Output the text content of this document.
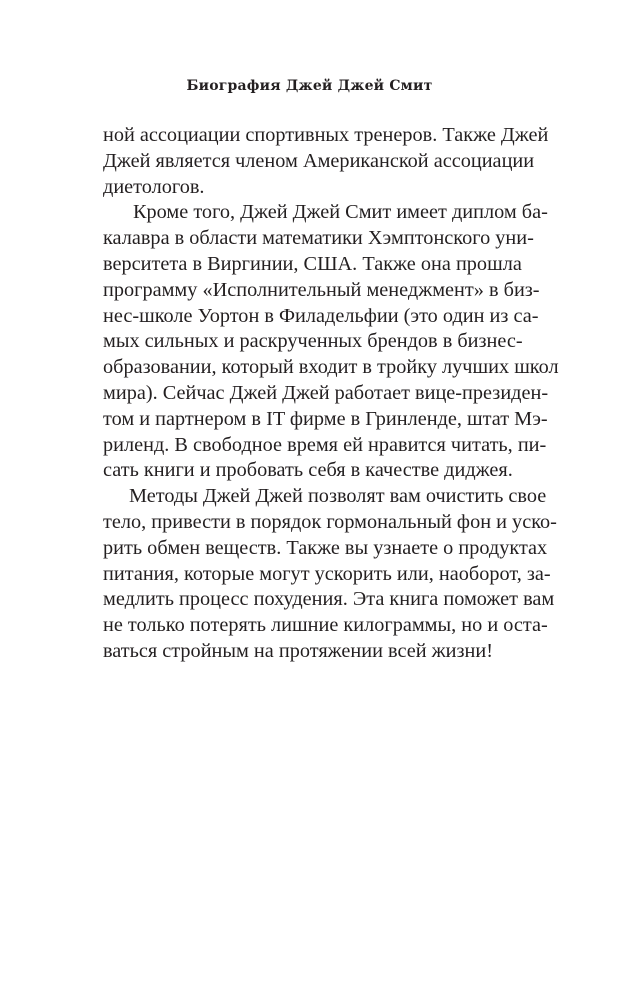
Биография Джей Джей Смит
ной ассоциации спортивных тренеров. Также Джей
Джей является членом Американской ассоциации
диетологов.
Кроме того, Джей Джей Смит имеет диплом ба-
калавра в области математики Хэмптонского уни-
верситета в Виргинии, США. Также она прошла
программу «Исполнительный менеджмент» в биз-
нес-школе Уортон в Филадельфии (это один из са-
мых сильных и раскрученных брендов в бизнес-
образовании, который входит в тройку лучших школ
мира). Сейчас Джей Джей работает вице-президен-
том и партнером в IT фирме в Гринленде, штат Мэ-
риленд. В свободное время ей нравится читать, пи-
сать книги и пробовать себя в качестве диджея.
Методы Джей Джей позволят вам очистить свое
тело, привести в порядок гормональный фон и уско-
рить обмен веществ. Также вы узнаете о продуктах
питания, которые могут ускорить или, наоборот, за-
медлить процесс похудения. Эта книга поможет вам
не только потерять лишние килограммы, но и оста-
ваться стройным на протяжении всей жизни!
